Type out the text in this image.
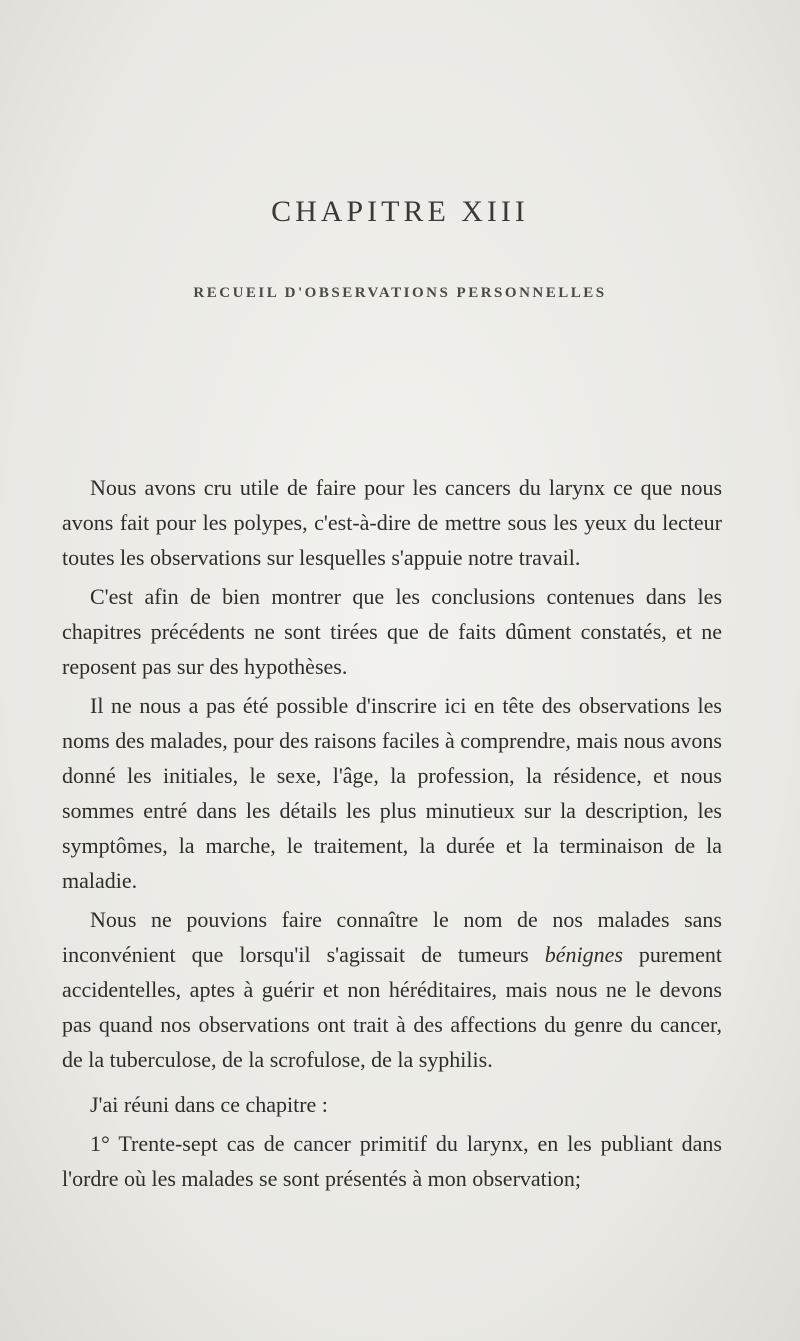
CHAPITRE XIII
RECUEIL D'OBSERVATIONS PERSONNELLES

Nous avons cru utile de faire pour les cancers du larynx ce que nous avons fait pour les polypes, c'est-à-dire de mettre sous les yeux du lecteur toutes les observations sur lesquelles s'appuie notre travail.

C'est afin de bien montrer que les conclusions contenues dans les chapitres précédents ne sont tirées que de faits dûment constatés, et ne reposent pas sur des hypothèses.

Il ne nous a pas été possible d'inscrire ici en tête des observations les noms des malades, pour des raisons faciles à comprendre, mais nous avons donné les initiales, le sexe, l'âge, la profession, la résidence, et nous sommes entré dans les détails les plus minutieux sur la description, les symptômes, la marche, le traitement, la durée et la terminaison de la maladie.

Nous ne pouvions faire connaître le nom de nos malades sans inconvénient que lorsqu'il s'agissait de tumeurs bénignes purement accidentelles, aptes à guérir et non héréditaires, mais nous ne le devons pas quand nos observations ont trait à des affections du genre du cancer, de la tuberculose, de la scrofulose, de la syphilis.

J'ai réuni dans ce chapitre :

1° Trente-sept cas de cancer primitif du larynx, en les publiant dans l'ordre où les malades se sont présentés à mon observation;
